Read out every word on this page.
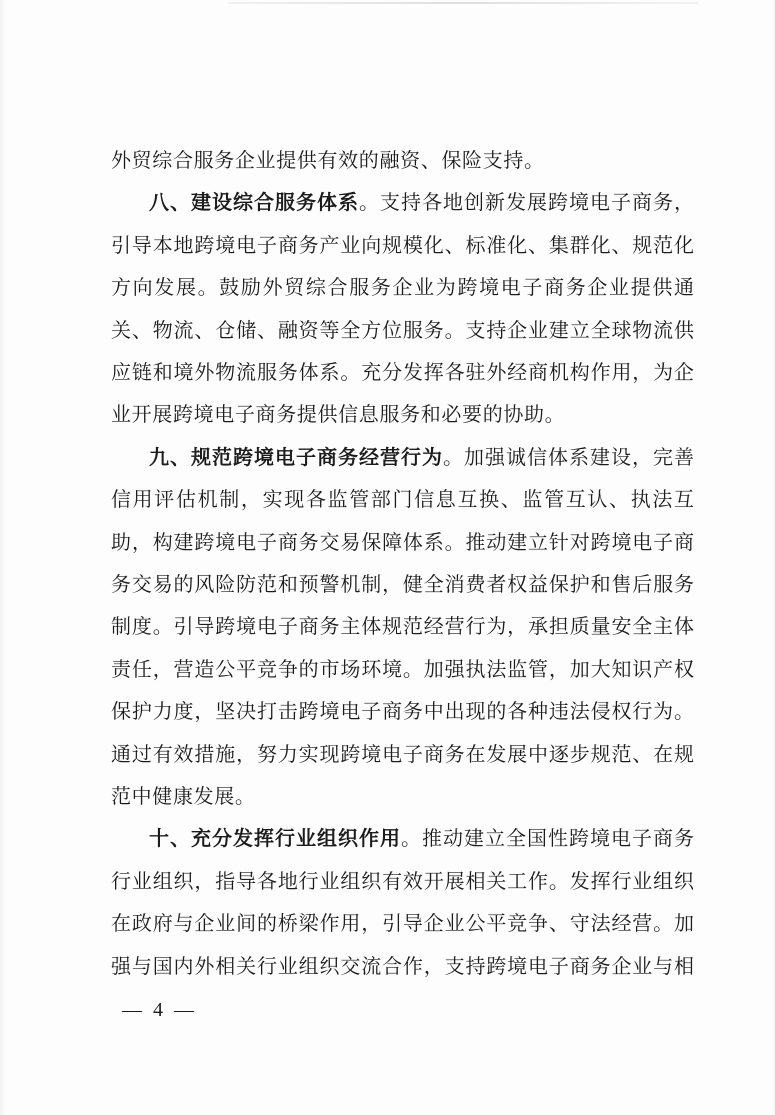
外贸综合服务企业提供有效的融资、保险支持。
八、建设综合服务体系。支持各地创新发展跨境电子商务，
引导本地跨境电子商务产业向规模化、标准化、集群化、规范化
方向发展。鼓励外贸综合服务企业为跨境电子商务企业提供通
关、物流、仓储、融资等全方位服务。支持企业建立全球物流供
应链和境外物流服务体系。充分发挥各驻外经商机构作用，为企
业开展跨境电子商务提供信息服务和必要的协助。
九、规范跨境电子商务经营行为。加强诚信体系建设，完善
信用评估机制，实现各监管部门信息互换、监管互认、执法互
助，构建跨境电子商务交易保障体系。推动建立针对跨境电子商
务交易的风险防范和预警机制，健全消费者权益保护和售后服务
制度。引导跨境电子商务主体规范经营行为，承担质量安全主体
责任，营造公平竞争的市场环境。加强执法监管，加大知识产权
保护力度，坚决打击跨境电子商务中出现的各种违法侵权行为。
通过有效措施，努力实现跨境电子商务在发展中逐步规范、在规
范中健康发展。
十、充分发挥行业组织作用。推动建立全国性跨境电子商务
行业组织，指导各地行业组织有效开展相关工作。发挥行业组织
在政府与企业间的桥梁作用，引导企业公平竞争、守法经营。加
强与国内外相关行业组织交流合作，支持跨境电子商务企业与相
— 4 —
